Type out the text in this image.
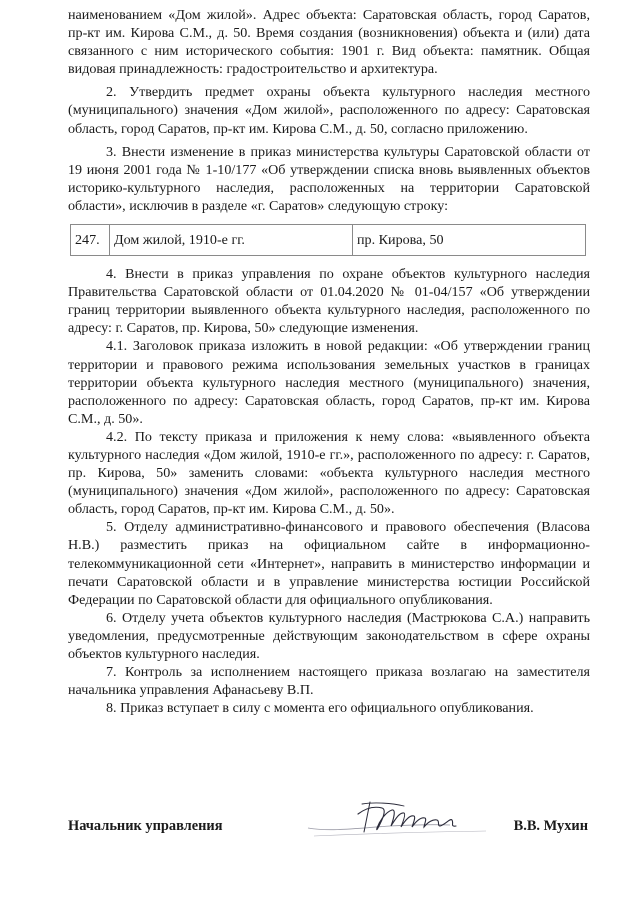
наименованием «Дом жилой». Адрес объекта: Саратовская область, город Саратов, пр-кт им. Кирова С.М., д. 50. Время создания (возникновения) объекта и (или) дата связанного с ним исторического события: 1901 г. Вид объекта: памятник. Общая видовая принадлежность: градостроительство и архитектура.

2. Утвердить предмет охраны объекта культурного наследия местного (муниципального) значения «Дом жилой», расположенного по адресу: Саратовская область, город Саратов, пр-кт им. Кирова С.М., д. 50, согласно приложению.

3. Внести изменение в приказ министерства культуры Саратовской области от 19 июня 2001 года № 1-10/177 «Об утверждении списка вновь выявленных объектов историко-культурного наследия, расположенных на территории Саратовской области», исключив в разделе «г. Саратов» следующую строку:

247.	Дом жилой, 1910-е гг.	пр. Кирова, 50

4. Внести в приказ управления по охране объектов культурного наследия Правительства Саратовской области от 01.04.2020 № 01-04/157 «Об утверждении границ территории выявленного объекта культурного наследия, расположенного по адресу: г. Саратов, пр. Кирова, 50» следующие изменения.

4.1. Заголовок приказа изложить в новой редакции: «Об утверждении границ территории и правового режима использования земельных участков в границах территории объекта культурного наследия местного (муниципального) значения, расположенного по адресу: Саратовская область, город Саратов, пр-кт им. Кирова С.М., д. 50».

4.2. По тексту приказа и приложения к нему слова: «выявленного объекта культурного наследия «Дом жилой, 1910-е гг.», расположенного по адресу: г. Саратов, пр. Кирова, 50» заменить словами: «объекта культурного наследия местного (муниципального) значения «Дом жилой», расположенного по адресу: Саратовская область, город Саратов, пр-кт им. Кирова С.М., д. 50».

5. Отделу административно-финансового и правового обеспечения (Власова Н.В.) разместить приказ на официальном сайте в информационно-телекоммуникационной сети «Интернет», направить в министерство информации и печати Саратовской области и в управление министерства юстиции Российской Федерации по Саратовской области для официального опубликования.

6. Отделу учета объектов культурного наследия (Мастрюкова С.А.) направить уведомления, предусмотренные действующим законодательством в сфере охраны объектов культурного наследия.

7. Контроль за исполнением настоящего приказа возлагаю на заместителя начальника управления Афанасьеву В.П.

8. Приказ вступает в силу с момента его официального опубликования.

Начальник управления	В.В. Мухин
